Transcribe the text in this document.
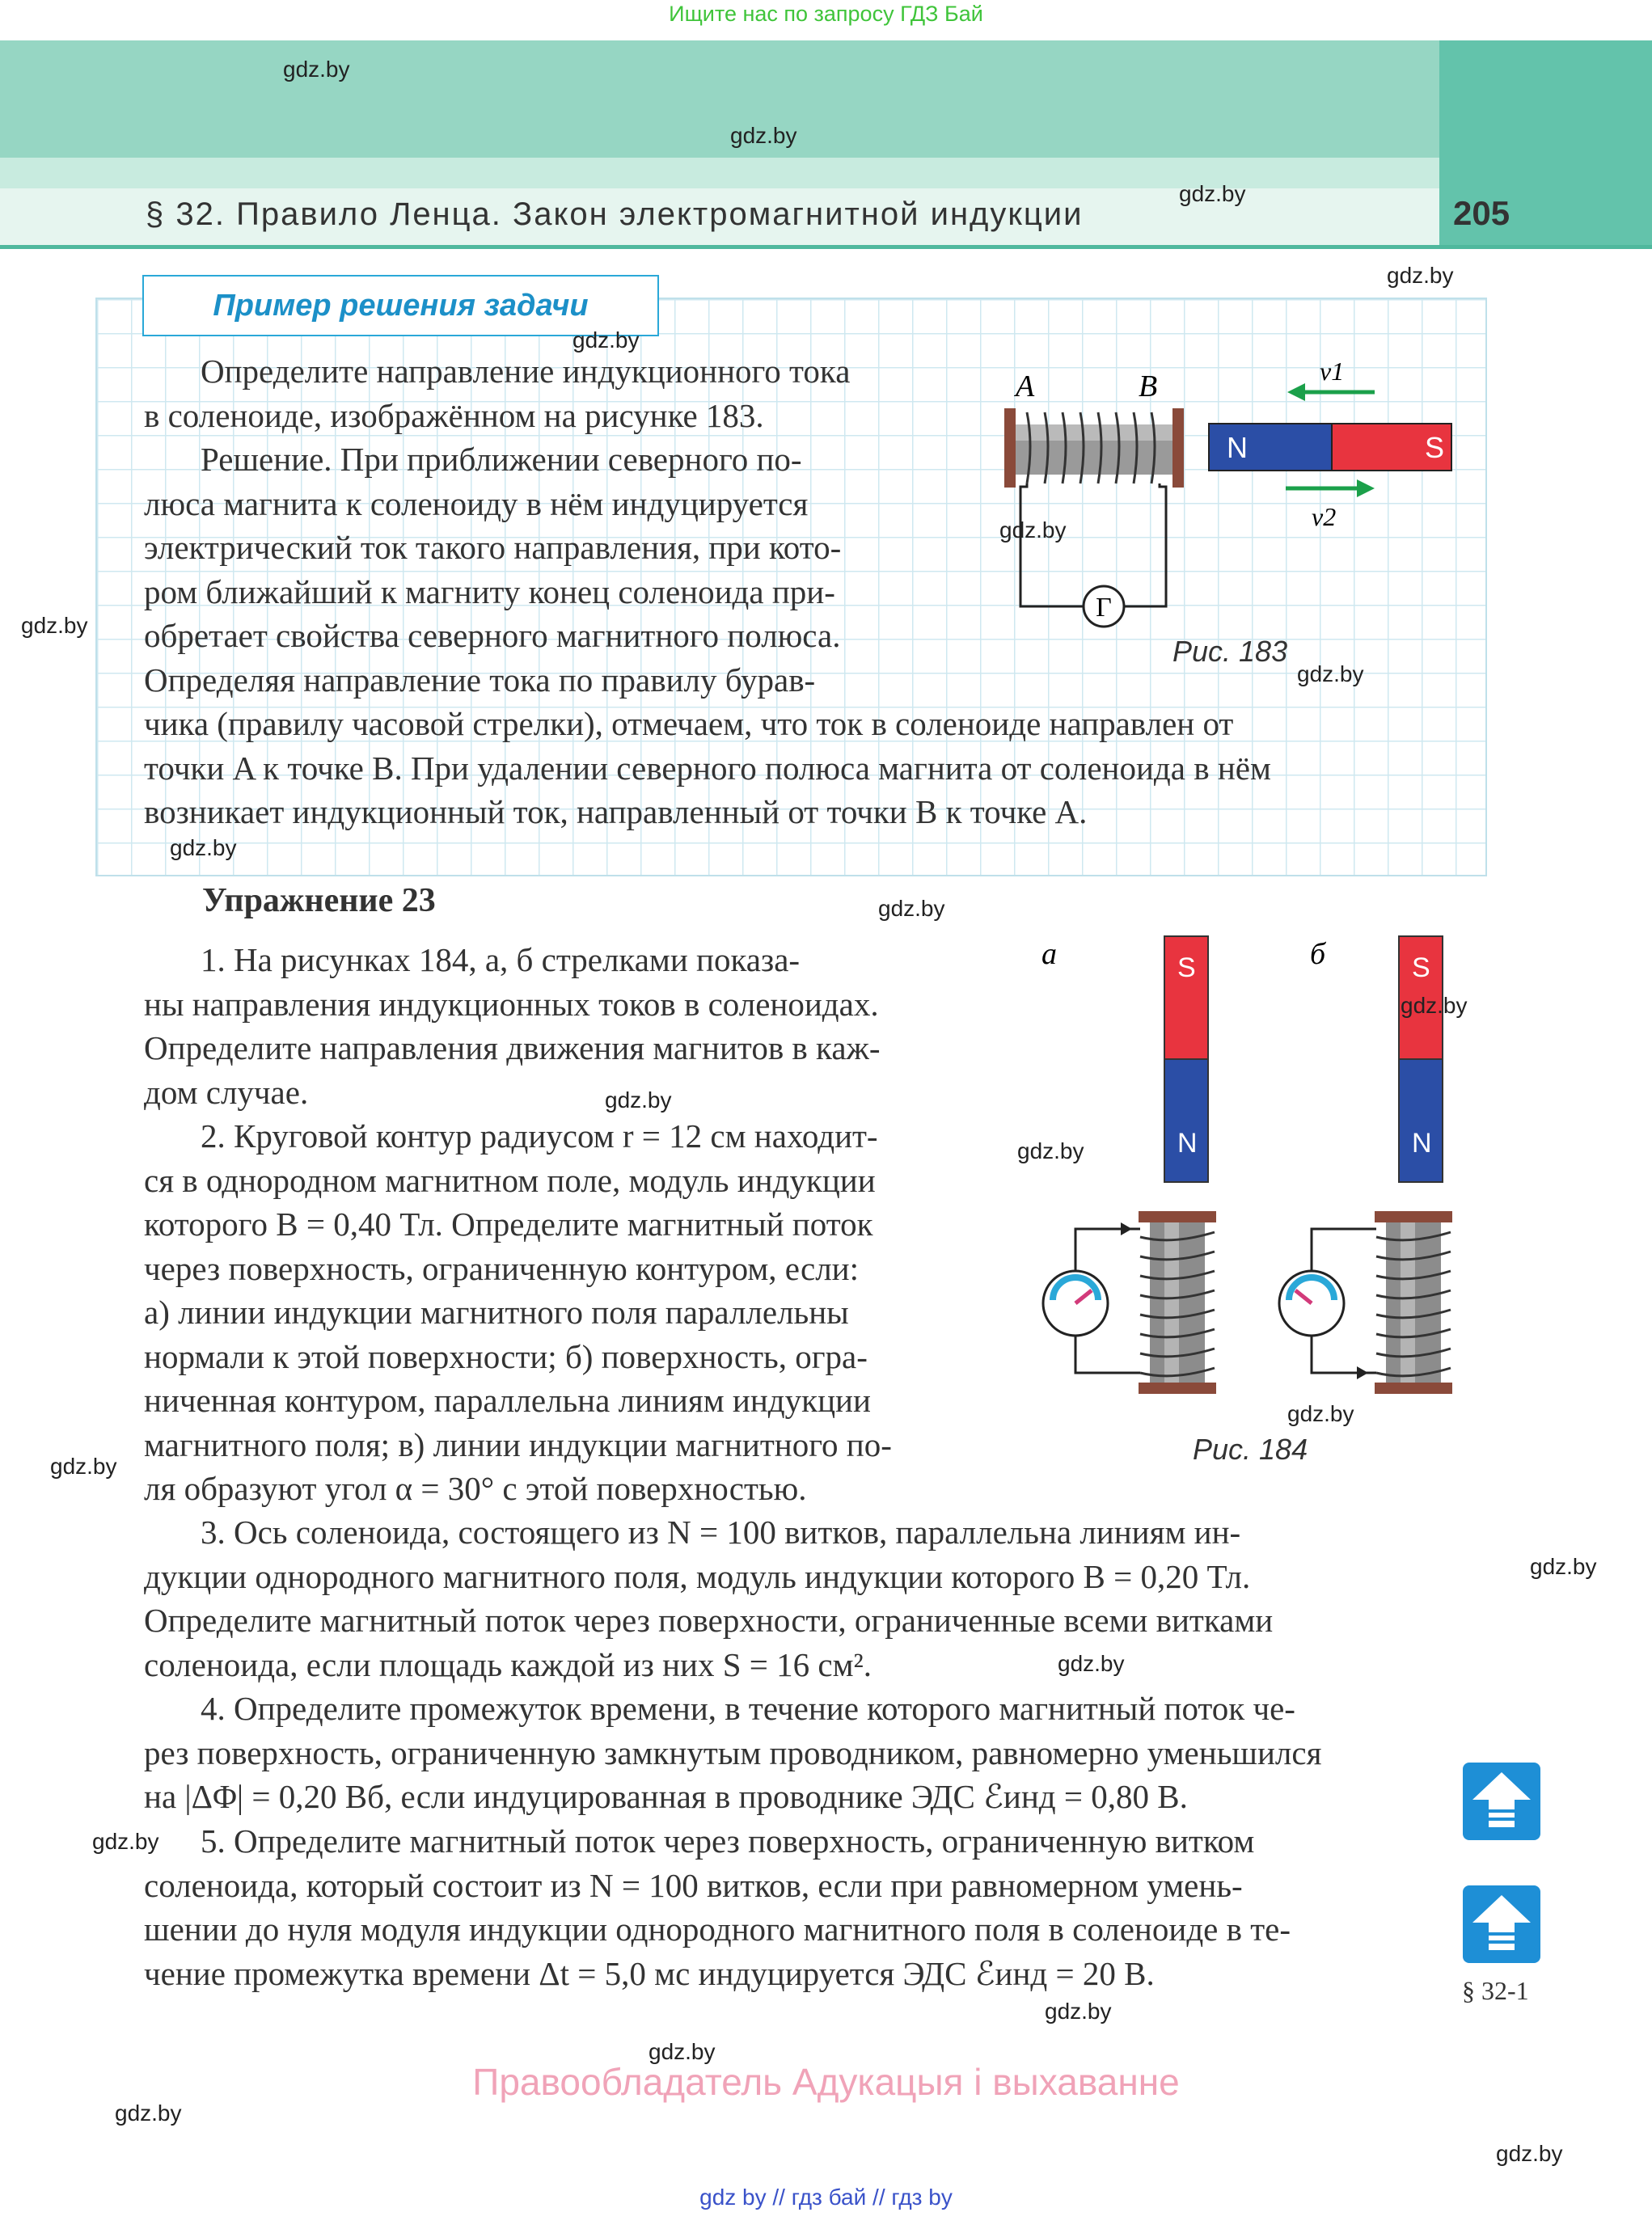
Ищите нас по запросу ГДЗ Бай
205
§ 32. Правило Ленца. Закон электромагнитной индукции
Пример решения задачи
Определите направление индукционного тока
в соленоиде, изображённом на рисунке 183.
Решение. При приближении северного по-
люса магнита к соленоиду в нём индуцируется
электрический ток такого направления, при кото-
ром ближайший к магниту конец соленоида при-
обретает свойства северного магнитного полюса.
Определяя направление тока по правилу бурав-
чика (правилу часовой стрелки), отмечаем, что ток в соленоиде направлен от
точки A к точке B. При удалении северного полюса магнита от соленоида в нём
возникает индукционный ток, направленный от точки B к точке A.
Г
A	B
N	S
v1
v2
Рис. 183
Упражнение 23
1. На рисунках 184, а, б стрелками показа-
ны направления индукционных токов в соленоидах.
Определите направления движения магнитов в каж-
дом случае.
2. Круговой контур радиусом r = 12 см находит-
ся в однородном магнитном поле, модуль индукции
которого B = 0,40 Тл. Определите магнитный поток
через поверхность, ограниченную контуром, если:
а) линии индукции магнитного поля параллельны
нормали к этой поверхности; б) поверхность, огра-
ниченная контуром, параллельна линиям индукции
магнитного поля; в) линии индукции магнитного по-
ля образуют угол α = 30° с этой поверхностью.
3. Ось соленоида, состоящего из N = 100 витков, параллельна линиям ин-
дукции однородного магнитного поля, модуль индукции которого B = 0,20 Тл.
Определите магнитный поток через поверхности, ограниченные всеми витками
соленоида, если площадь каждой из них S = 16 см².
4. Определите промежуток времени, в течение которого магнитный поток че-
рез поверхность, ограниченную замкнутым проводником, равномерно уменьшился
на |ΔΦ| = 0,20 Вб, если индуцированная в проводнике ЭДС ℰинд = 0,80 В.
5. Определите магнитный поток через поверхность, ограниченную витком
соленоида, который состоит из N = 100 витков, если при равномерном умень-
шении до нуля модуля индукции однородного магнитного поля в соленоиде в те-
чение промежутка времени Δt = 5,0 мс индуцируется ЭДС ℰинд = 20 В.
а	б
S
N
S
N
Рис. 184
§ 32-1
gdz.by
gdz.by
gdz.by
gdz.by
gdz.by
gdz.by
gdz.by
gdz.by
gdz.by
gdz.by
gdz.by
gdz.by
gdz.by
gdz.by
gdz.by
gdz.by
gdz.by
gdz.by
gdz.by
gdz.by
gdz.by
gdz.by
Правообладатель Адукацыя і выхаванне
gdz by // гдз бай // гдз by
